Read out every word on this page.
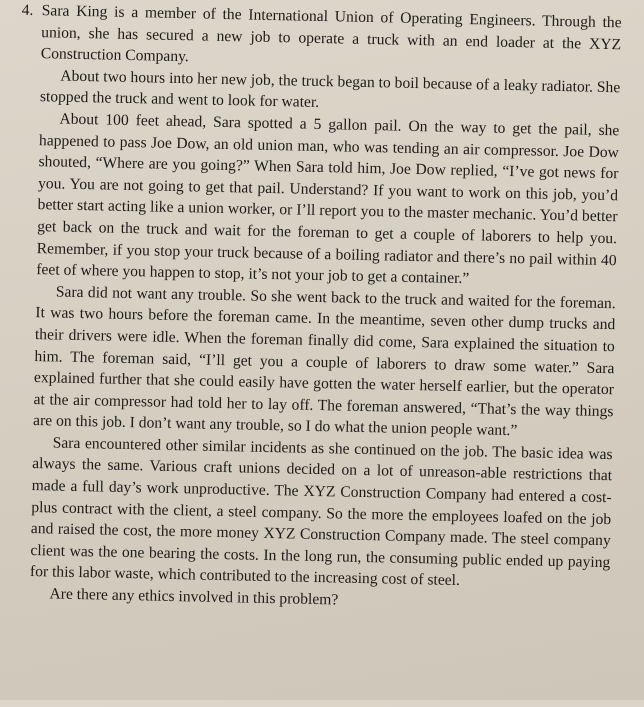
4. Sara King is a member of the International Union of Operating Engineers. Through the union, she has secured a new job to operate a truck with an end loader at the XYZ Construction Company.

About two hours into her new job, the truck began to boil because of a leaky radiator. She stopped the truck and went to look for water.

About 100 feet ahead, Sara spotted a 5 gallon pail. On the way to get the pail, she happened to pass Joe Dow, an old union man, who was tending an air compressor. Joe Dow shouted, “Where are you going?” When Sara told him, Joe Dow replied, “I’ve got news for you. You are not going to get that pail. Understand? If you want to work on this job, you’d better start acting like a union worker, or I’ll report you to the master mechanic. You’d better get back on the truck and wait for the foreman to get a couple of laborers to help you. Remember, if you stop your truck because of a boiling radiator and there’s no pail within 40 feet of where you happen to stop, it’s not your job to get a container.”

Sara did not want any trouble. So she went back to the truck and waited for the foreman. It was two hours before the foreman came. In the meantime, seven other dump trucks and their drivers were idle. When the foreman finally did come, Sara explained the situation to him. The foreman said, “I’ll get you a couple of laborers to draw some water.” Sara explained further that she could easily have gotten the water herself earlier, but the operator at the air compressor had told her to lay off. The foreman answered, “That’s the way things are on this job. I don’t want any trouble, so I do what the union people want.”

Sara encountered other similar incidents as she continued on the job. The basic idea was always the same. Various craft unions decided on a lot of unreason-able restrictions that made a full day’s work unproductive. The XYZ Construction Company had entered a cost-plus contract with the client, a steel company. So the more the employees loafed on the job and raised the cost, the more money XYZ Construction Company made. The steel company client was the one bearing the costs. In the long run, the consuming public ended up paying for this labor waste, which contributed to the increasing cost of steel.

Are there any ethics involved in this problem?
